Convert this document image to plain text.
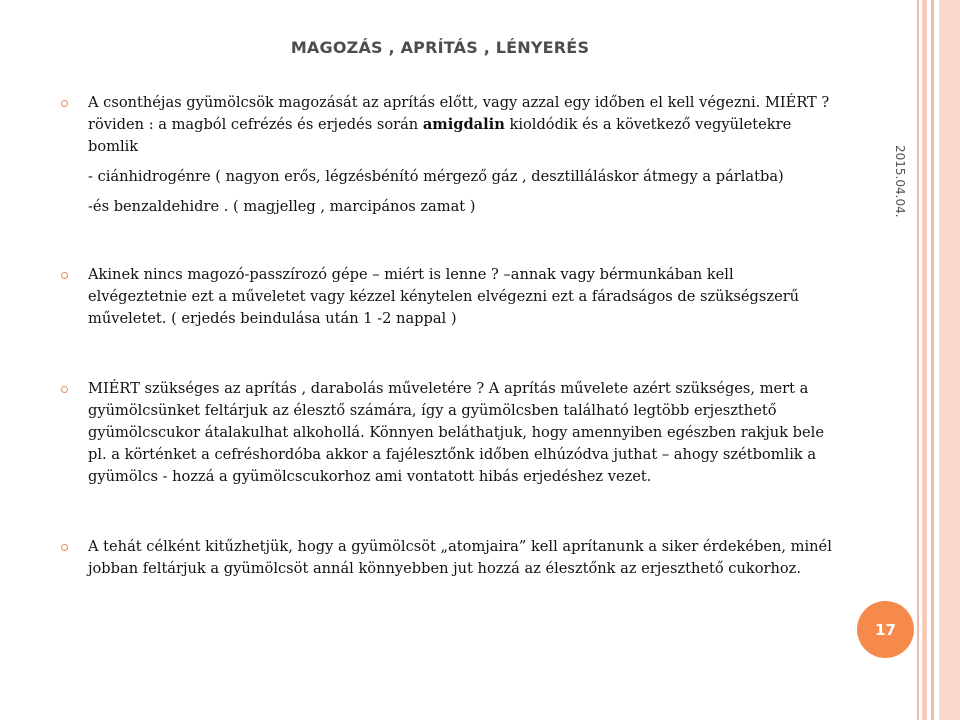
MAGOZÁS , APRÍTÁS , LÉNYERÉS
A csonthéjas gyümölcsök magozását az aprítás előtt, vagy azzal egy időben el kell végezni. MIÉRT ? röviden : a magból cefrézés és erjedés során amigdalin kioldódik és a következő vegyületekre bomlik
- ciánhidrogénre ( nagyon erős, légzésbénító mérgező gáz , desztilláláskor átmegy a párlatba)
-és benzaldehidre . ( magjelleg , marcipános zamat )
Akinek nincs magozó-passzírozó gépe – miért is lenne ? –annak vagy bérmunkában kell elvégeztetnie ezt a műveletet vagy kézzel kénytelen elvégezni ezt a fáradságos de szükségszerű műveletet. ( erjedés beindulása után 1 -2 nappal )
MIÉRT szükséges az aprítás , darabolás műveletére ? A aprítás művelete azért szükséges, mert a gyümölcsünket feltárjuk az élesztő számára, így a gyümölcsben található legtöbb erjeszthető gyümölcscukor átalakulhat alkohollá. Könnyen beláthatjuk, hogy amennyiben egészben rakjuk bele pl. a körténket a cefréshordóba akkor a fajélesztőnk időben elhúzódva juthat – ahogy szétbomlik a gyümölcs - hozzá a gyümölcscukorhoz ami vontatott hibás erjedéshez vezet.
A tehát célként kitűzhetjük, hogy a gyümölcsöt „atomjaira” kell aprítanunk a siker érdekében, minél jobban feltárjuk a gyümölcsöt annál könnyebben jut hozzá az élesztőnk az erjeszthető cukorhoz.
2015.04.04.
17
